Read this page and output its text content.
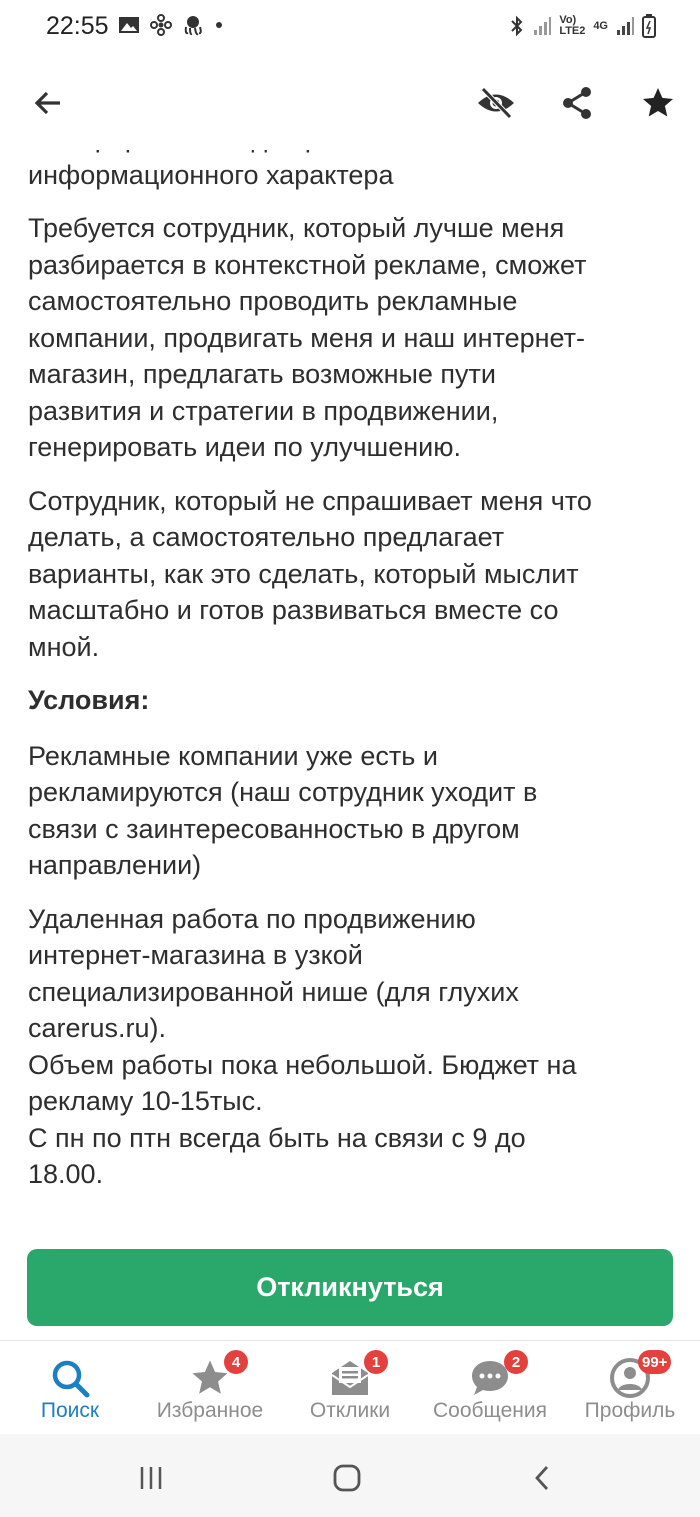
22:55	Vo) LTE2 4G

информационного характера

Требуется сотрудник, который лучше меня
разбирается в контекстной рекламе, сможет
самостоятельно проводить рекламные
компании, продвигать меня и наш интернет-
магазин, предлагать возможные пути
развития и стратегии в продвижении,
генерировать идеи по улучшению.

Сотрудник, который не спрашивает меня что
делать, а самостоятельно предлагает
варианты, как это сделать, который мыслит
масштабно и готов развиваться вместе со
мной.

Условия:

Рекламные компании уже есть и
рекламируются (наш сотрудник уходит в
связи с заинтересованностью в другом
направлении)

Удаленная работа по продвижению
интернет-магазина в узкой
специализированной нише (для глухих
carerus.ru).
Объем работы пока небольшой. Бюджет на
рекламу 10-15тыс.
С пн по птн всегда быть на связи с 9 до
18.00.

Откликнуться
Поиск
4
Избранное
1
Отклики
2
Сообщения
99+
Профиль
